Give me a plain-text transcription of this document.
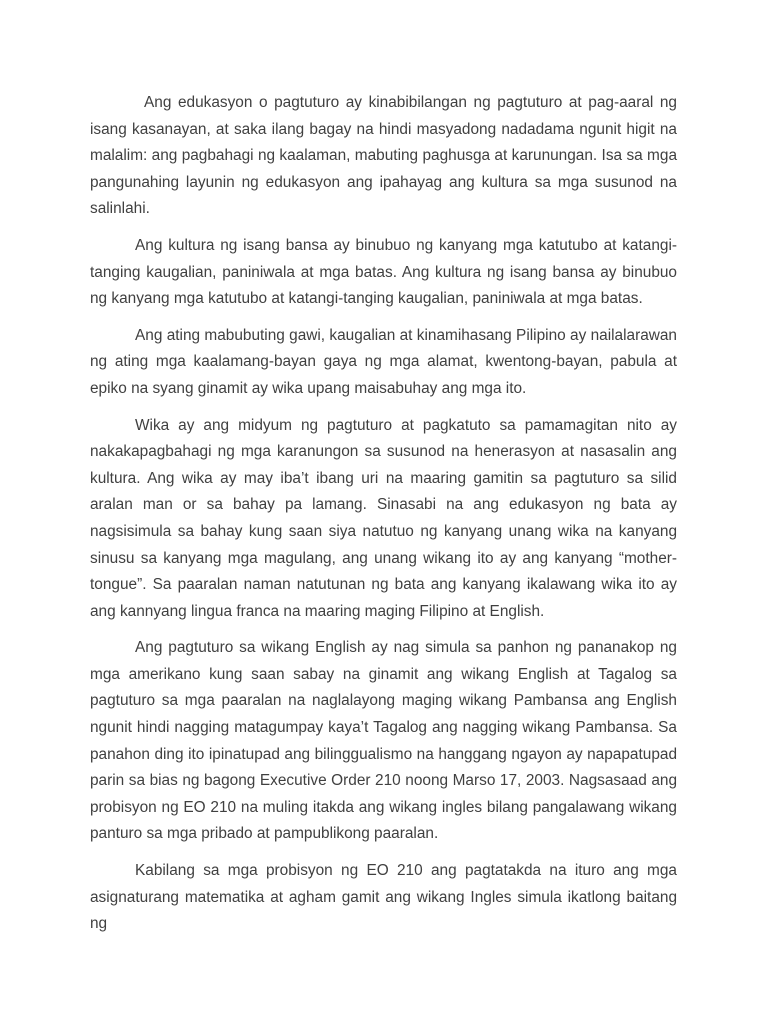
Ang edukasyon o pagtuturo ay kinabibilangan ng pagtuturo at pag-aaral ng isang kasanayan, at saka ilang bagay na hindi masyadong nadadama ngunit higit na malalim: ang pagbahagi ng kaalaman, mabuting paghusga at karunungan. Isa sa mga pangunahing layunin ng edukasyon ang ipahayag ang kultura sa mga susunod na salinlahi.

Ang kultura ng isang bansa ay binubuo ng kanyang mga katutubo at katangi-tanging kaugalian, paniniwala at mga batas. Ang kultura ng isang bansa ay binubuo ng kanyang mga katutubo at katangi-tanging kaugalian, paniniwala at mga batas.

Ang ating mabubuting gawi, kaugalian at kinamihasang Pilipino ay nailalarawan ng ating mga kaalamang-bayan gaya ng mga alamat, kwentong-bayan, pabula at epiko na syang ginamit ay wika upang maisabuhay ang mga ito.

Wika ay ang midyum ng pagtuturo at pagkatuto sa pamamagitan nito ay nakakapagbahagi ng mga karanungon sa susunod na henerasyon at nasasalin ang kultura. Ang wika ay may iba’t ibang uri na maaring gamitin sa pagtuturo sa silid aralan man or sa bahay pa lamang. Sinasabi na ang edukasyon ng bata ay nagsisimula sa bahay kung saan siya natutuo ng kanyang unang wika na kanyang sinusu sa kanyang mga magulang, ang unang wikang ito ay ang kanyang “mother-tongue”. Sa paaralan naman natutunan ng bata ang kanyang ikalawang wika ito ay ang kannyang lingua franca na maaring maging Filipino at English.

Ang pagtuturo sa wikang English ay nag simula sa panhon ng pananakop ng mga amerikano kung saan sabay na ginamit ang wikang English at Tagalog sa pagtuturo sa mga paaralan na naglalayong maging wikang Pambansa ang English ngunit hindi nagging matagumpay kaya’t Tagalog ang nagging wikang Pambansa. Sa panahon ding ito ipinatupad ang bilinggualismo na hanggang ngayon ay napapatupad parin sa bias ng bagong Executive Order 210 noong Marso 17, 2003. Nagsasaad ang probisyon ng EO 210 na muling itakda ang wikang ingles bilang pangalawang wikang panturo sa mga pribado at pampublikong paaralan.

Kabilang sa mga probisyon ng EO 210 ang pagtatakda na ituro ang mga asignaturang matematika at agham gamit ang wikang Ingles simula ikatlong baitang ng
